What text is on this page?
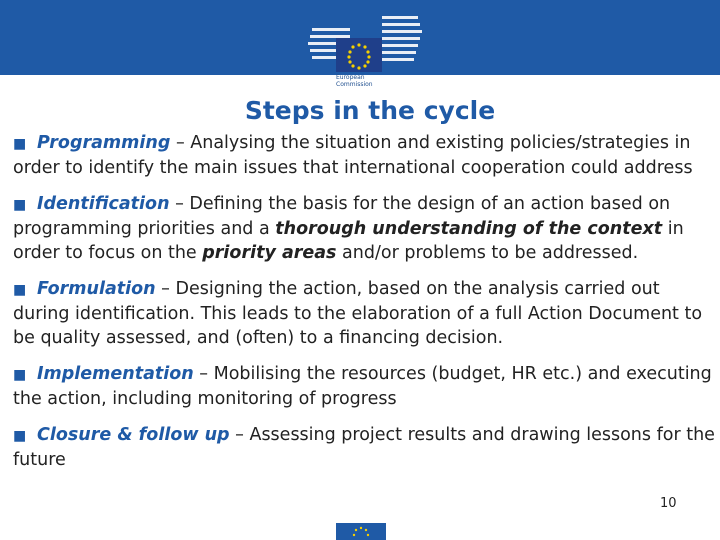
European
Commission
Steps in the cycle
■ Programming – Analysing the situation and existing policies/strategies in order to identify the main issues that international cooperation could address
■ Identification – Defining the basis for the design of an action based on programming priorities and a thorough understanding of the context in order to focus on the priority areas and/or problems to be addressed.
■ Formulation – Designing the action, based on the analysis carried out during identification. This leads to the elaboration of a full Action Document to be quality assessed, and (often) to a financing decision.
■ Implementation – Mobilising the resources (budget, HR etc.) and executing the action, including monitoring of progress
■ Closure & follow up – Assessing project results and drawing lessons for the future
10
